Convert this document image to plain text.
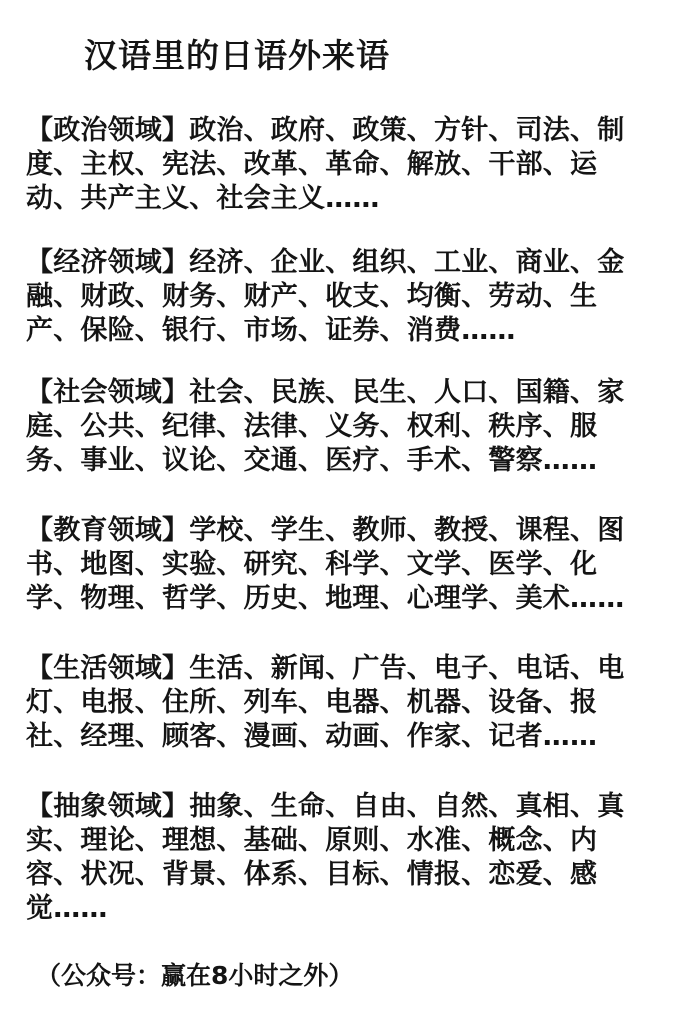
汉语里的日语外来语
【政治领域】政治、政府、政策、方针、司法、制
度、主权、宪法、改革、革命、解放、干部、运
动、共产主义、社会主义……
【经济领域】经济、企业、组织、工业、商业、金
融、财政、财务、财产、收支、均衡、劳动、生
产、保险、银行、市场、证券、消费……
【社会领域】社会、民族、民生、人口、国籍、家
庭、公共、纪律、法律、义务、权利、秩序、服
务、事业、议论、交通、医疗、手术、警察……
【教育领域】学校、学生、教师、教授、课程、图
书、地图、实验、研究、科学、文学、医学、化
学、物理、哲学、历史、地理、心理学、美术……
【生活领域】生活、新闻、广告、电子、电话、电
灯、电报、住所、列车、电器、机器、设备、报
社、经理、顾客、漫画、动画、作家、记者……
【抽象领域】抽象、生命、自由、自然、真相、真
实、理论、理想、基础、原则、水准、概念、内
容、状况、背景、体系、目标、情报、恋爱、感
觉……
（公众号：赢在8小时之外）
